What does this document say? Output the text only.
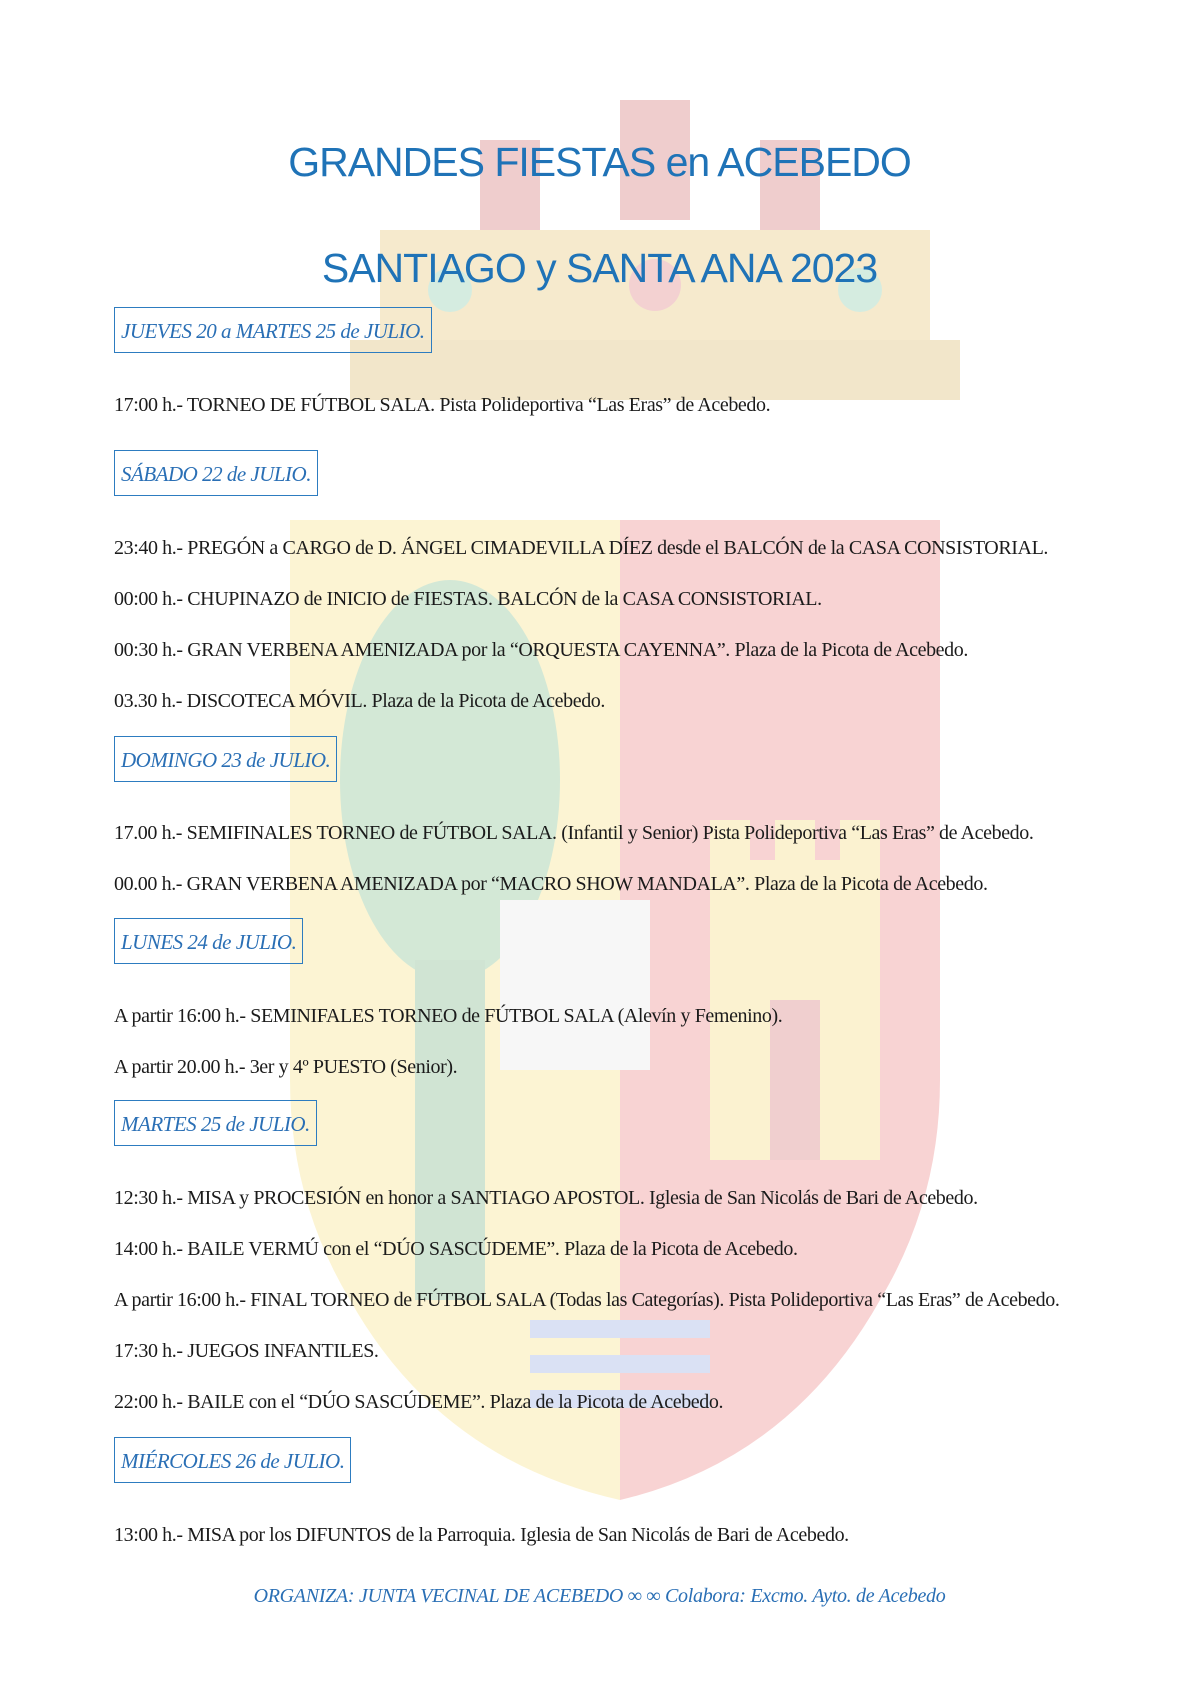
GRANDES FIESTAS en ACEBEDO
SANTIAGO y SANTA ANA 2023
JUEVES 20 a MARTES 25 de JULIO.
17:00 h.- TORNEO DE FÚTBOL SALA. Pista Polideportiva “Las Eras” de Acebedo.
SÁBADO 22 de JULIO.
23:40 h.- PREGÓN a CARGO de D. ÁNGEL CIMADEVILLA DÍEZ desde el BALCÓN de la CASA CONSISTORIAL.
00:00 h.- CHUPINAZO de INICIO de FIESTAS. BALCÓN de la CASA CONSISTORIAL.
00:30 h.- GRAN VERBENA AMENIZADA por la “ORQUESTA CAYENNA”. Plaza de la Picota de Acebedo.
03.30 h.- DISCOTECA MÓVIL. Plaza de la Picota de Acebedo.
DOMINGO 23 de JULIO.
17.00 h.- SEMIFINALES TORNEO de FÚTBOL SALA. (Infantil y Senior) Pista Polideportiva “Las Eras” de Acebedo.
00.00 h.- GRAN VERBENA AMENIZADA por “MACRO SHOW MANDALA”. Plaza de la Picota de Acebedo.
LUNES 24 de JULIO.
A partir 16:00 h.- SEMINIFALES TORNEO de FÚTBOL SALA (Alevín y Femenino).
A partir 20.00 h.- 3er y 4º PUESTO (Senior).
MARTES 25 de JULIO.
12:30 h.- MISA y PROCESIÓN en honor a SANTIAGO APOSTOL. Iglesia de San Nicolás de Bari de Acebedo.
14:00 h.- BAILE VERMÚ con el “DÚO SASCÚDEME”. Plaza de la Picota de Acebedo.
A partir 16:00 h.- FINAL TORNEO de FÚTBOL SALA (Todas las Categorías). Pista Polideportiva “Las Eras” de Acebedo.
17:30 h.- JUEGOS INFANTILES.
22:00 h.- BAILE con el “DÚO SASCÚDEME”. Plaza de la Picota de Acebedo.
MIÉRCOLES 26 de JULIO.
13:00 h.- MISA por los DIFUNTOS de la Parroquia. Iglesia de San Nicolás de Bari de Acebedo.
ORGANIZA: JUNTA VECINAL DE ACEBEDO ∞ ∞ Colabora: Excmo. Ayto. de Acebedo
